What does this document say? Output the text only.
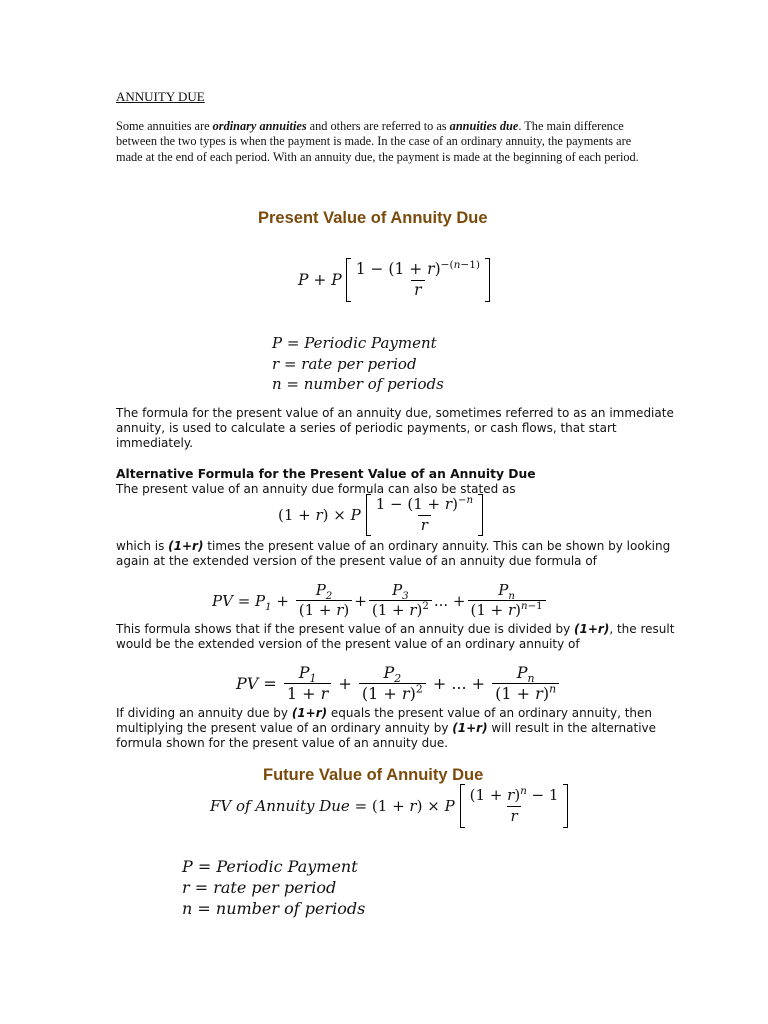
ANNUITY DUE
Some annuities are ordinary annuities and others are referred to as annuities due. The main difference between the two types is when the payment is made. In the case of an ordinary annuity, the payments are made at the end of each period. With an annuity due, the payment is made at the beginning of each period.
Present Value of Annuity Due
P + P $\frac{1 - (1 + r)^{-(n-1)}}{r}$
P = Periodic Payment
r = rate per period
n = number of periods
The formula for the present value of an annuity due, sometimes referred to as an immediate annuity, is used to calculate a series of periodic payments, or cash flows, that start immediately.
Alternative Formula for the Present Value of an Annuity Due
The present value of an annuity due formula can also be stated as
(1 + r) × P $\frac{1 - (1 + r)^{-n}}{r}$
which is (1+r) times the present value of an ordinary annuity. This can be shown by looking again at the extended version of the present value of an annuity due formula of
PV = $P_1 + \frac{P_2}{(1 + r)} + \frac{P_3}{(1 + r)^2}$ ... + $\frac{P_n}{(1 + r)^{n-1}}$
This formula shows that if the present value of an annuity due is divided by (1+r), the result would be the extended version of the present value of an ordinary annuity of
PV = $\frac{P_1}{1 + r} + \frac{P_2}{(1 + r)^2}$ + ... + $\frac{P_n}{(1 + r)^n}$
If dividing an annuity due by (1+r) equals the present value of an ordinary annuity, then multiplying the present value of an ordinary annuity by (1+r) will result in the alternative formula shown for the present value of an annuity due.
Future Value of Annuity Due
FV of Annuity Due = (1 + r) × P $\frac{(1 + r)^n - 1}{r}$
P = Periodic Payment
r = rate per period
n = number of periods
